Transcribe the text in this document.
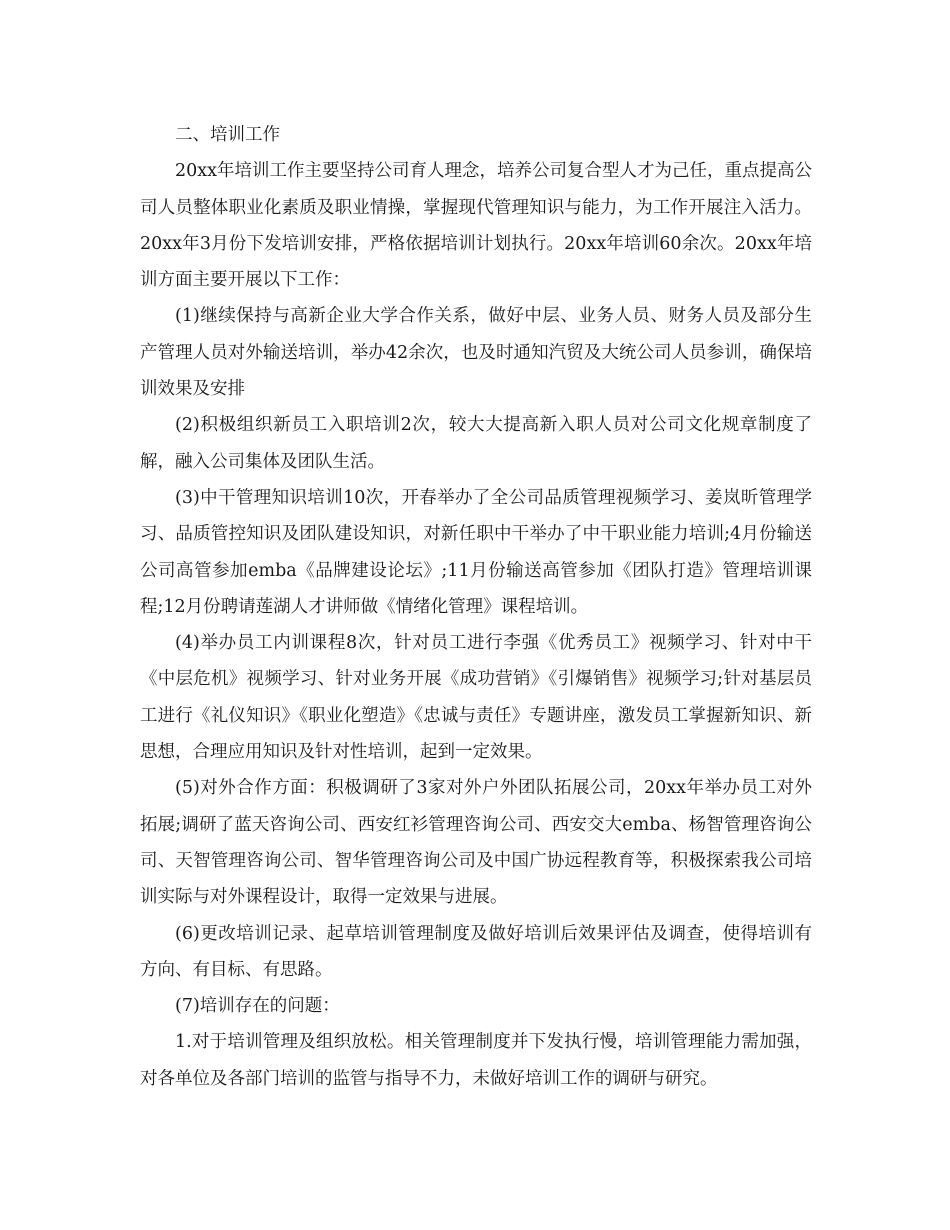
二、培训工作

20xx年培训工作主要坚持公司育人理念，培养公司复合型人才为己任，重点提高公司人员整体职业化素质及职业情操，掌握现代管理知识与能力，为工作开展注入活力。20xx年3月份下发培训安排，严格依据培训计划执行。20xx年培训60余次。20xx年培训方面主要开展以下工作：

(1)继续保持与高新企业大学合作关系，做好中层、业务人员、财务人员及部分生产管理人员对外输送培训，举办42余次，也及时通知汽贸及大统公司人员参训，确保培训效果及安排

(2)积极组织新员工入职培训2次，较大大提高新入职人员对公司文化规章制度了解，融入公司集体及团队生活。

(3)中干管理知识培训10次，开春举办了全公司品质管理视频学习、姜岚昕管理学习、品质管控知识及团队建设知识，对新任职中干举办了中干职业能力培训;4月份输送公司高管参加emba《品牌建设论坛》;11月份输送高管参加《团队打造》管理培训课程;12月份聘请莲湖人才讲师做《情绪化管理》课程培训。

(4)举办员工内训课程8次，针对员工进行李强《优秀员工》视频学习、针对中干《中层危机》视频学习、针对业务开展《成功营销》《引爆销售》视频学习;针对基层员工进行《礼仪知识》《职业化塑造》《忠诚与责任》专题讲座，激发员工掌握新知识、新思想，合理应用知识及针对性培训，起到一定效果。

(5)对外合作方面：积极调研了3家对外户外团队拓展公司，20xx年举办员工对外拓展;调研了蓝天咨询公司、西安红衫管理咨询公司、西安交大emba、杨智管理咨询公司、天智管理咨询公司、智华管理咨询公司及中国广协远程教育等，积极探索我公司培训实际与对外课程设计，取得一定效果与进展。

(6)更改培训记录、起草培训管理制度及做好培训后效果评估及调查，使得培训有方向、有目标、有思路。

(7)培训存在的问题：

1.对于培训管理及组织放松。相关管理制度并下发执行慢，培训管理能力需加强，对各单位及各部门培训的监管与指导不力，未做好培训工作的调研与研究。
